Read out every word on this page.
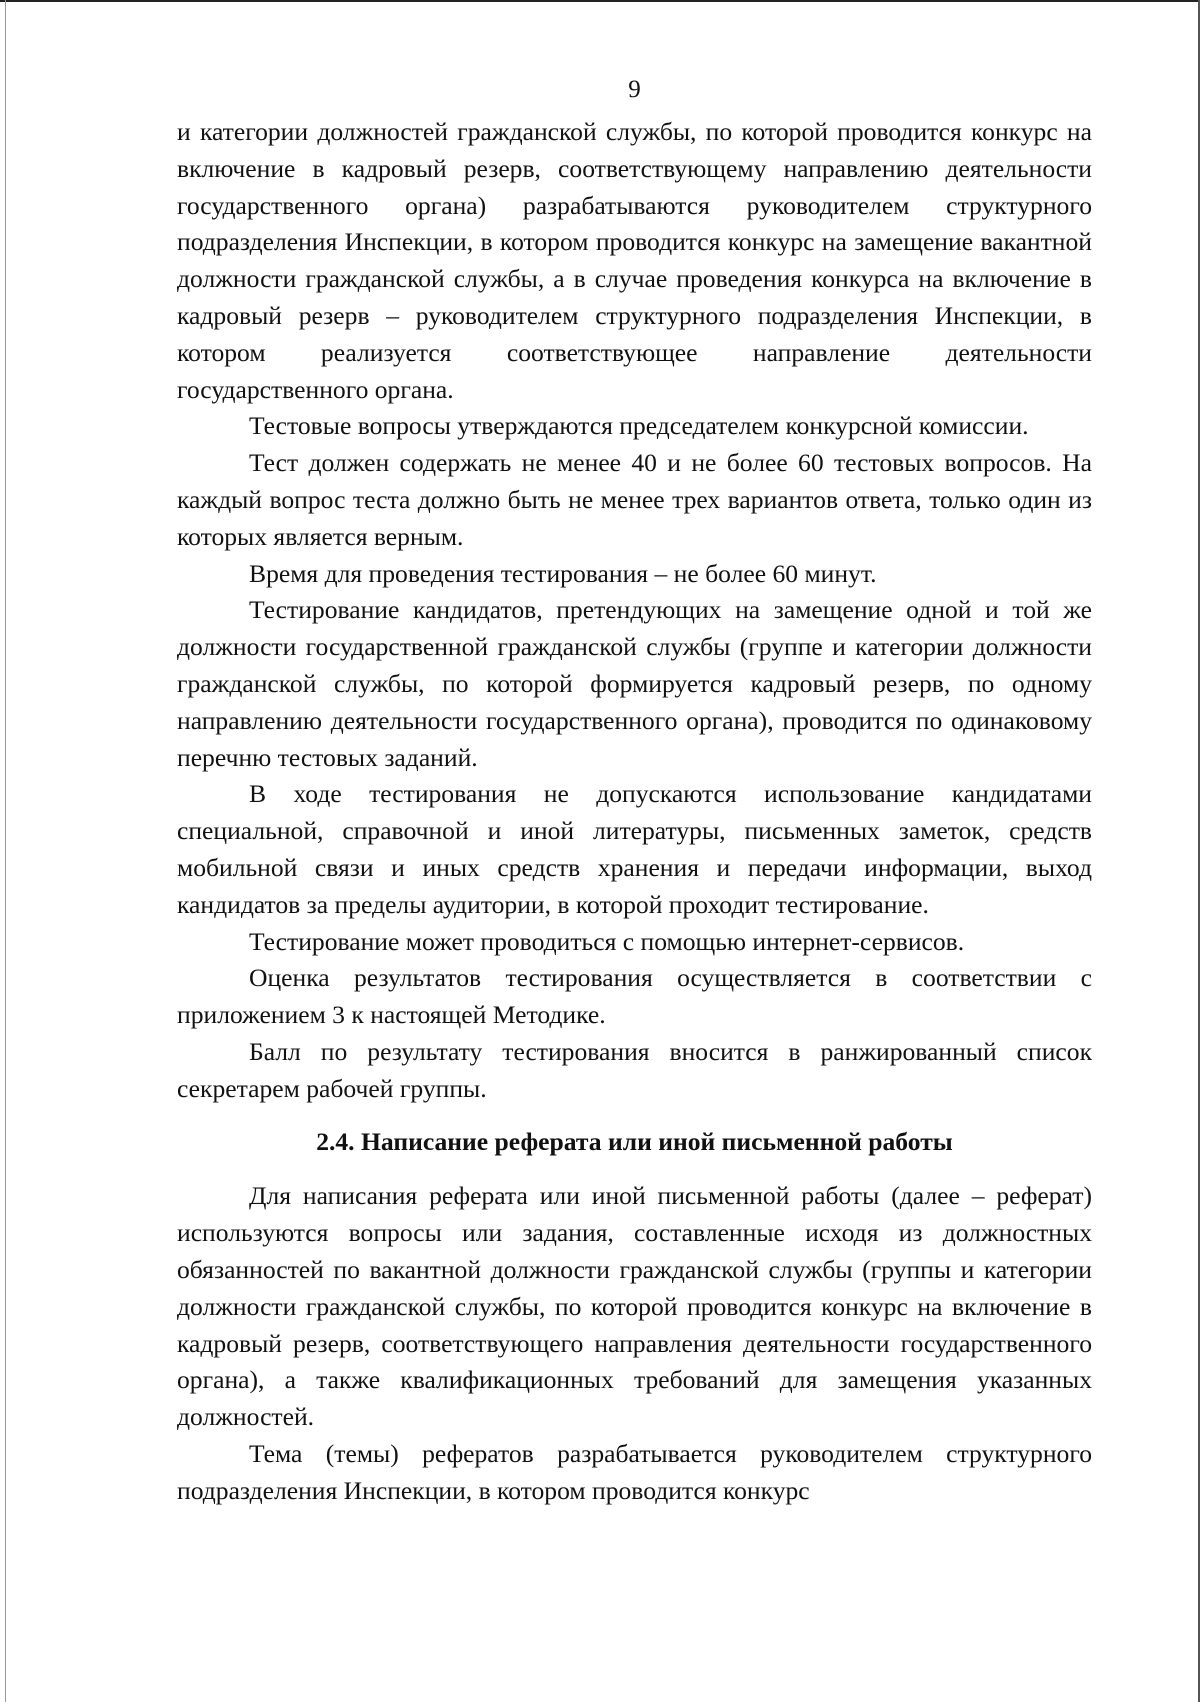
9

и категории должностей гражданской службы, по которой проводится конкурс на включение в кадровый резерв, соответствующему направлению деятельности государственного органа) разрабатываются руководителем структурного подразделения Инспекции, в котором проводится конкурс на замещение вакантной должности гражданской службы, а в случае проведения конкурса на включение в кадровый резерв – руководителем структурного подразделения Инспекции, в котором реализуется соответствующее направление деятельности государственного органа.

Тестовые вопросы утверждаются председателем конкурсной комиссии.

Тест должен содержать не менее 40 и не более 60 тестовых вопросов. На каждый вопрос теста должно быть не менее трех вариантов ответа, только один из которых является верным.

Время для проведения тестирования – не более 60 минут.

Тестирование кандидатов, претендующих на замещение одной и той же должности государственной гражданской службы (группе и категории должности гражданской службы, по которой формируется кадровый резерв, по одному направлению деятельности государственного органа), проводится по одинаковому перечню тестовых заданий.

В ходе тестирования не допускаются использование кандидатами специальной, справочной и иной литературы, письменных заметок, средств мобильной связи и иных средств хранения и передачи информации, выход кандидатов за пределы аудитории, в которой проходит тестирование.

Тестирование может проводиться с помощью интернет-сервисов.

Оценка результатов тестирования осуществляется в соответствии с приложением 3 к настоящей Методике.

Балл по результату тестирования вносится в ранжированный список секретарем рабочей группы.

2.4. Написание реферата или иной письменной работы

Для написания реферата или иной письменной работы (далее – реферат) используются вопросы или задания, составленные исходя из должностных обязанностей по вакантной должности гражданской службы (группы и категории должности гражданской службы, по которой проводится конкурс на включение в кадровый резерв, соответствующего направления деятельности государственного органа), а также квалификационных требований для замещения указанных должностей.

Тема (темы) рефератов разрабатывается руководителем структурного подразделения Инспекции, в котором проводится конкурс
